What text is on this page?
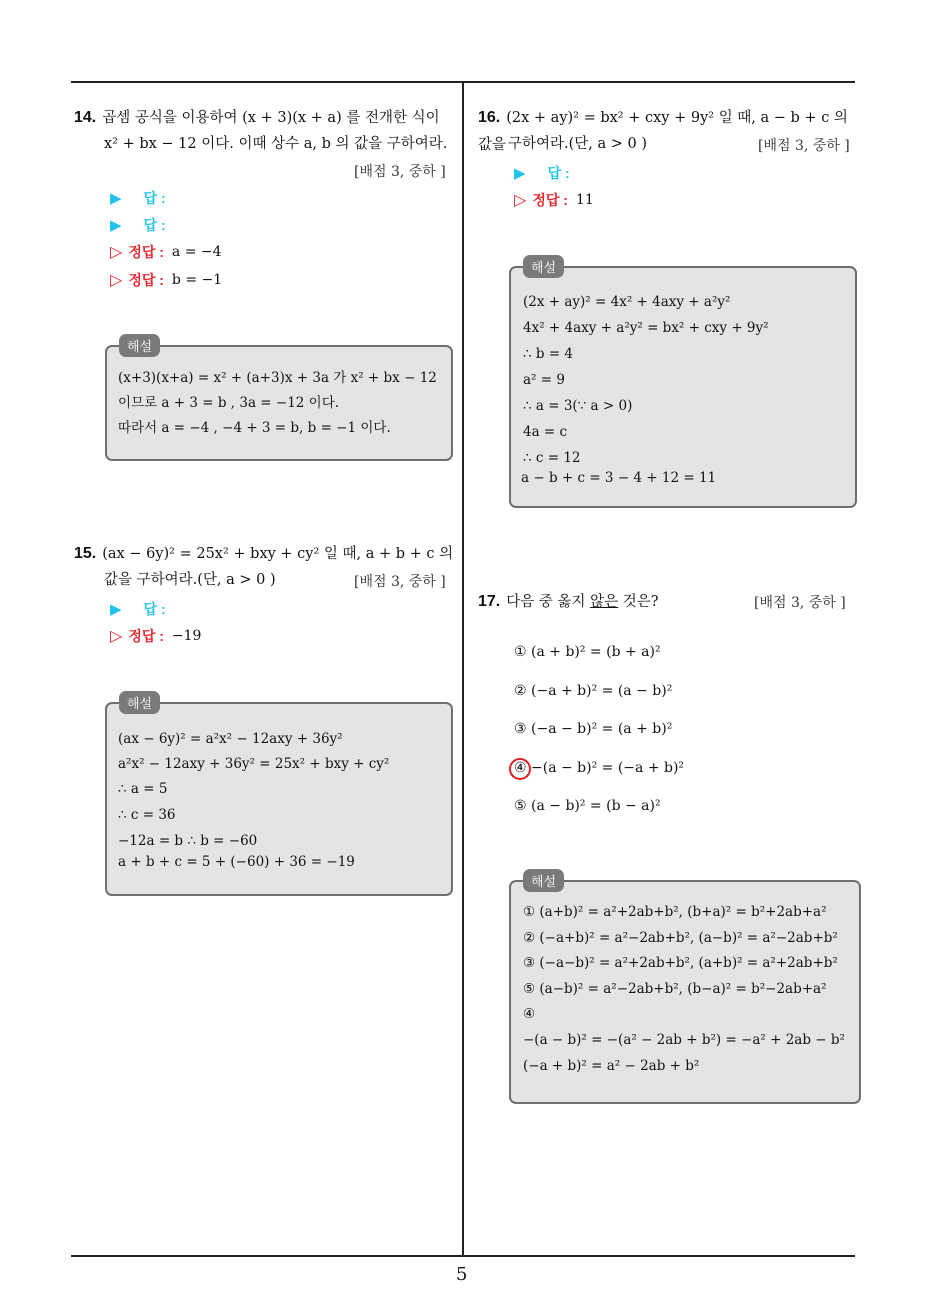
14. 곱셈 공식을 이용하여 (x + 3)(x + a) 를 전개한 식이
x² + bx − 12 이다. 이때 상수 a, b 의 값을 구하여라.
[배점 3, 중하 ]
▶ 답 :
▶ 답 :
▷ 정답 : a = −4
▷ 정답 : b = −1
해설
(x+3)(x+a) = x² + (a+3)x + 3a 가 x² + bx − 12
이므로 a + 3 = b , 3a = −12 이다.
따라서 a = −4 , −4 + 3 = b, b = −1 이다.
15. (ax − 6y)² = 25x² + bxy + cy² 일 때, a + b + c 의
값을 구하여라.(단, a > 0 )	[배점 3, 중하 ]
▶ 답 :
▷ 정답 : −19
해설
(ax − 6y)² = a²x² − 12axy + 36y²
a²x² − 12axy + 36y² = 25x² + bxy + cy²
∴ a = 5
∴ c = 36
−12a = b ∴ b = −60
a + b + c = 5 + (−60) + 36 = −19
16. (2x + ay)² = bx² + cxy + 9y² 일 때, a − b + c 의 값을 구하여라.(단, a > 0 )	[배점 3, 중하 ]
▶ 답 :
▷ 정답 : 11
해설
(2x + ay)² = 4x² + 4axy + a²y²
4x² + 4axy + a²y² = bx² + cxy + 9y²
∴ b = 4
a² = 9
∴ a = 3(∵ a > 0)
4a = c
∴ c = 12
a − b + c = 3 − 4 + 12 = 11
17. 다음 중 옳지 않은 것은?	[배점 3, 중하 ]
① (a + b)² = (b + a)²
② (−a + b)² = (a − b)²
③ (−a − b)² = (a + b)²
④ −(a − b)² = (−a + b)²
⑤ (a − b)² = (b − a)²
해설
① (a+b)² = a²+2ab+b², (b+a)² = b²+2ab+a²
② (−a+b)² = a²−2ab+b², (a−b)² = a²−2ab+b²
③ (−a−b)² = a²+2ab+b², (a+b)² = a²+2ab+b²
⑤ (a−b)² = a²−2ab+b², (b−a)² = b²−2ab+a²
④
−(a − b)² = −(a² − 2ab + b²) = −a² + 2ab − b²
(−a + b)² = a² − 2ab + b²
5
